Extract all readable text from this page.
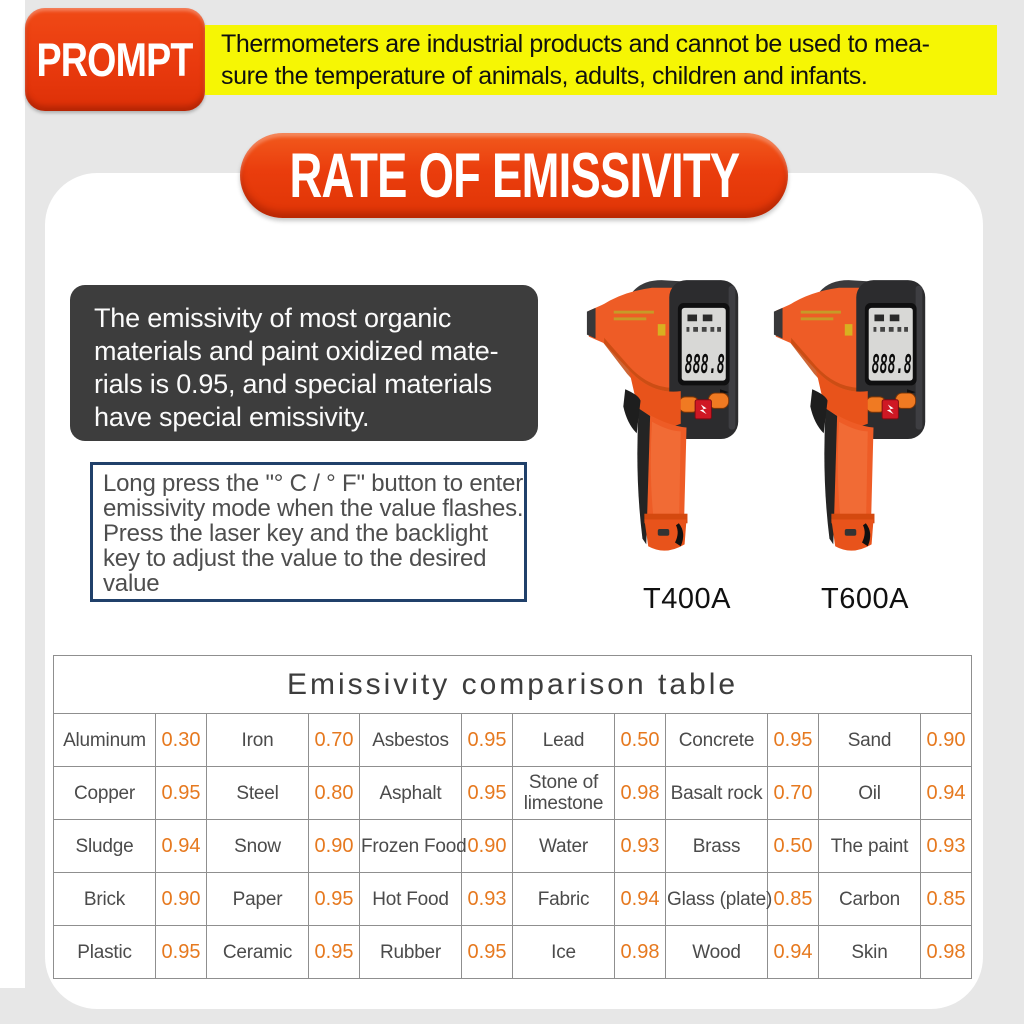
PROMPT Thermometers are industrial products and cannot be used to mea-
sure the temperature of animals, adults, children and infants.
RATE OF EMISSIVITY
The emissivity of most organic
materials and paint oxidized mate-
rials is 0.95, and special materials
have special emissivity.
Long press the "° C / ° F" button to enter
emissivity mode when the value flashes.
Press the laser key and the backlight
key to adjust the value to the desired
value	T400A	T600A
Emissivity comparison table											
Aluminum	0.30	Iron	0.70	Asbestos	0.95	Lead	0.50	Concrete	0.95	Sand	0.90
Copper	0.95	Steel	0.80	Asphalt	0.95	Stone of limestone	0.98	Basalt rock	0.70	Oil	0.94
Sludge	0.94	Snow	0.90	Frozen Food	0.90	Water	0.93	Brass	0.50	The paint	0.93
Brick	0.90	Paper	0.95	Hot Food	0.93	Fabric	0.94	Glass (plate)	0.85	Carbon	0.85
Plastic	0.95	Ceramic	0.95	Rubber	0.95	Ice	0.98	Wood	0.94	Skin	0.98
